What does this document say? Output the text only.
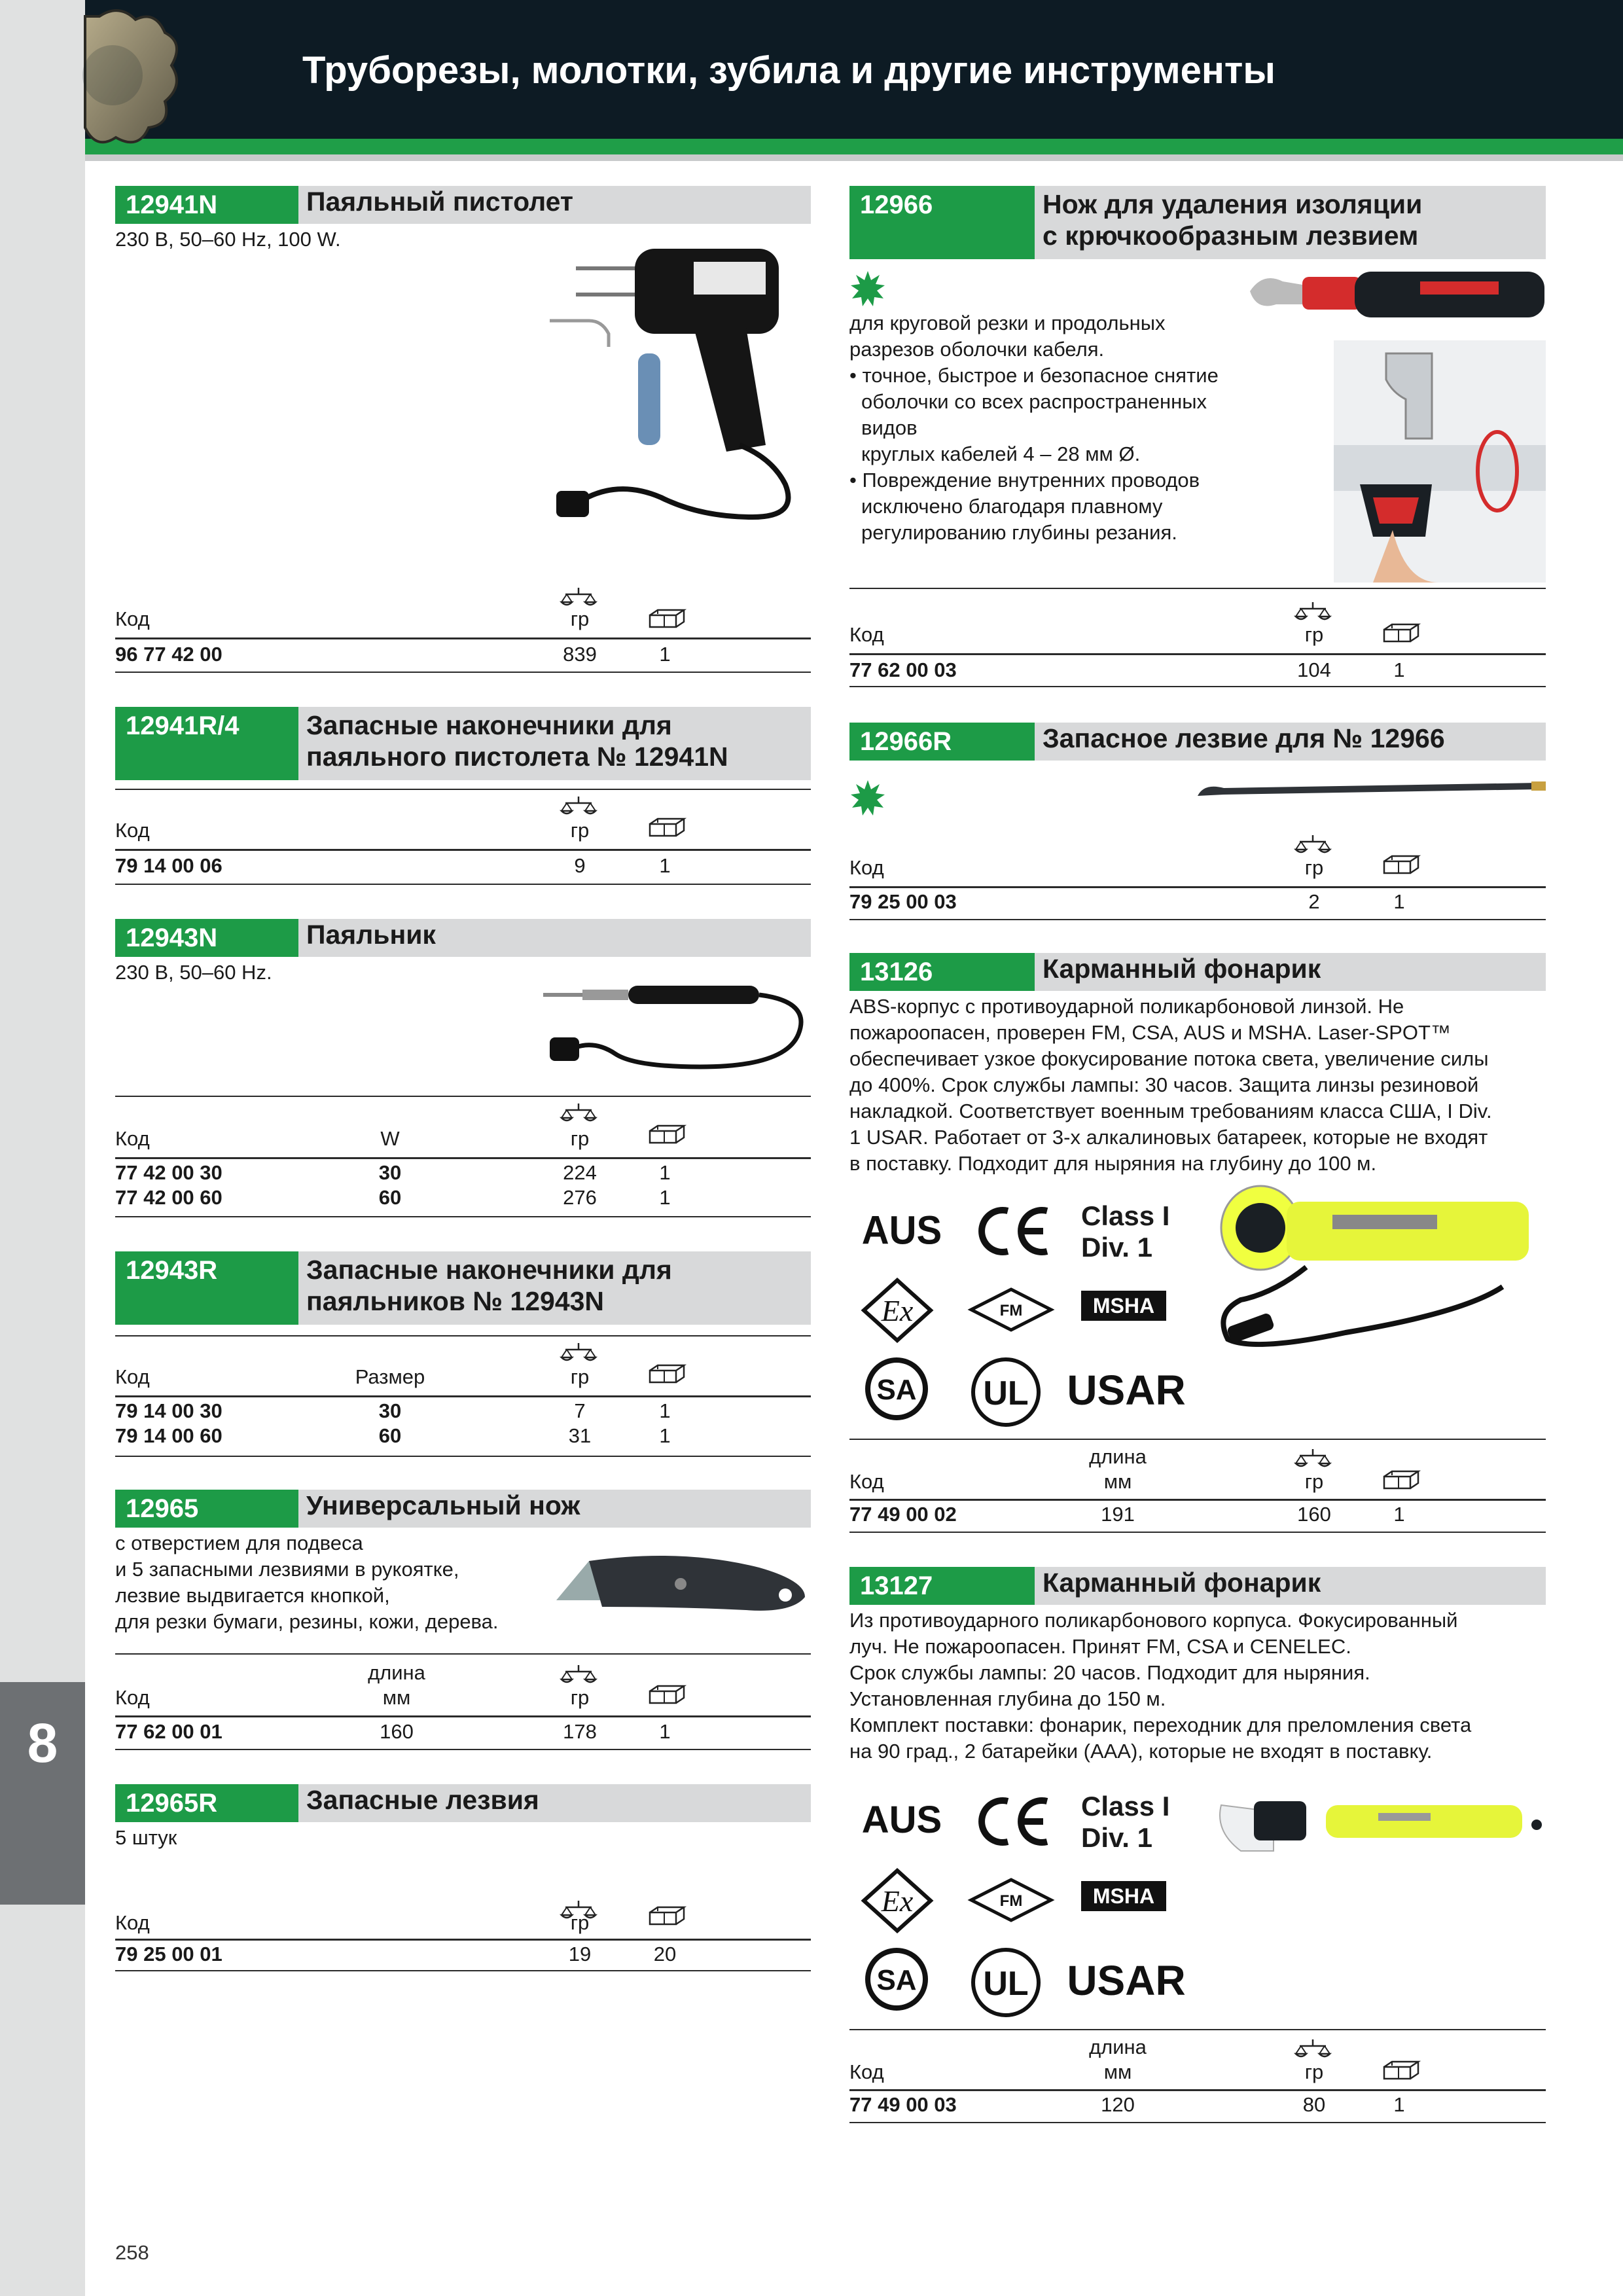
8
Труборезы, молотки, зубила и другие инструменты
12941N	Паяльный пистолет
230 В, 50–60 Hz, 100 W.
Код	гр
96 77 42 00	839	1
12941R/4	Запасные наконечники для
паяльного пистолета № 12941N
Код	гр
79 14 00 06	9	1
12943N	Паяльник
230 В, 50–60 Hz.
Код	W	гр
77 42 00 30	30	224	1
77 42 00 60	60	276	1
12943R	Запасные наконечники для
паяльников № 12943N
Код	Размер	гр
79 14 00 30	30	7	1
79 14 00 60	60	31	1
12965	Универсальный нож

с отверстием для подвеса

и 5 запасными лезвиями в рукоятке,

лезвие выдвигается кнопкой,

для резки бумаги, резины, кожи, дерева.

длина
Код	мм	гр
77 62 00 01	160	178	1
12965R	Запасные лезвия
5 штук
Код	гр
79 25 00 01	19	20
12966	Нож для удаления изоляции
с крючкообразным лезвием

для круговой резки и продольных

разрезов оболочки кабеля.

• точное, быстрое и безопасное снятие

оболочки со всех распространенных видов

круглых кабелей 4 – 28 мм Ø.

• Повреждение внутренних проводов

исключено благодаря плавному

регулированию глубины резания.

Код	гр
77 62 00 03	104	1
12966R	Запасное лезвие для № 12966
Код	гр
79 25 00 03	2	1
13126	Карманный фонарик

ABS-корпус с противоударной поликарбоновой линзой. Не

пожароопасен, проверен FM, CSA, AUS и MSHA. Laser-SPOT™

обеспечивает узкое фокусирование потока света, увеличение силы

до 400%. Срок службы лампы: 30 часов. Защита линзы резиновой

накладкой. Соответствует военным требованиям класса США, I Div.

1 USAR. Работает от 3-х алкалиновых батареек, которые не входят

в поставку. Подходит для ныряния на глубину до 100 м.

AUS	Class I
Div. 1
Ex	FM	MSHA
SA UL USAR
длина
Код	мм	гр
77 49 00 02	191	160	1
13127	Карманный фонарик

Из противоударного поликарбонового корпуса. Фокусированный

луч. Не пожароопасен. Принят FM, CSA и CENELEC.

Срок службы лампы: 20 часов. Подходит для ныряния.

Установленная глубина до 150 м.

Комплект поставки: фонарик, переходник для преломления света

на 90 град., 2 батарейки (AAA), которые не входят в поставку.

AUS	Class I
Div. 1
Ex	FM	MSHA
SA UL USAR
длина
Код	мм	гр
77 49 00 03	120	80	1
258
